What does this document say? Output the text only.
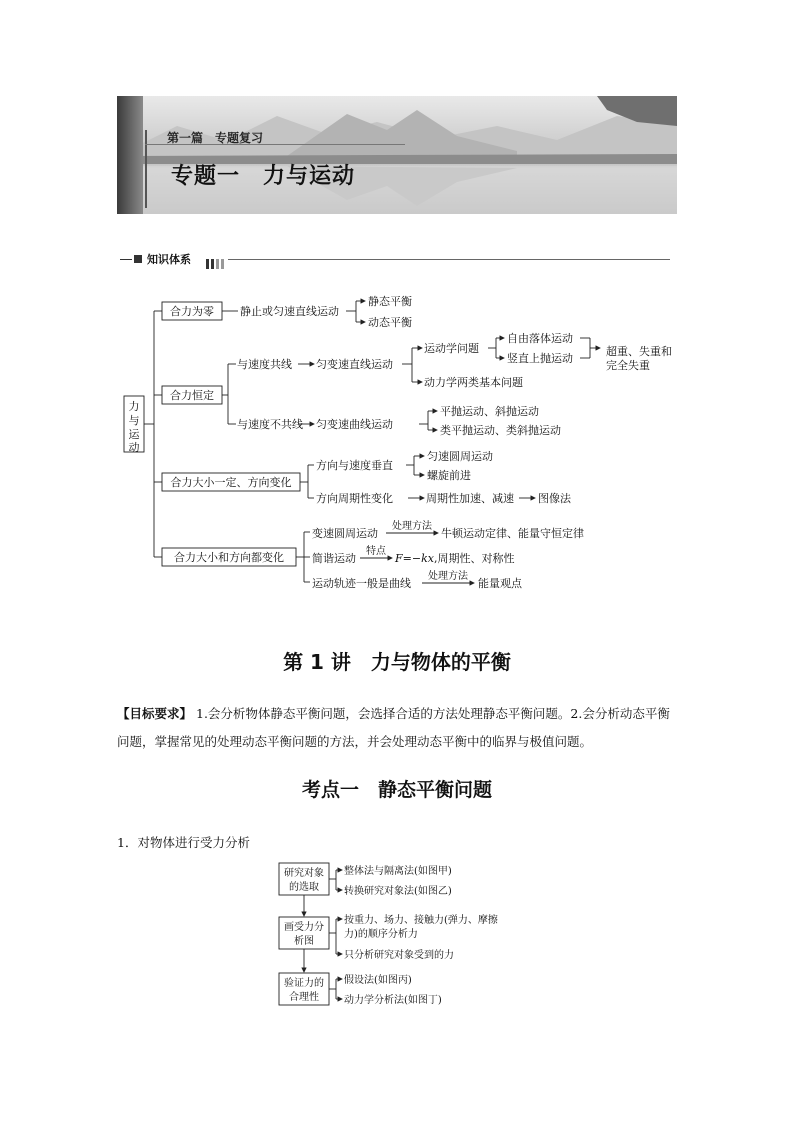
第一篇　专题复习
专题一　力与运动
知识体系
力
与
运
动
合力为零
合力恒定
合力大小一定、方向变化
合力大小和方向都变化
静止或匀速直线运动
静态平衡
动态平衡
与速度共线 匀变速直线运动
运动学问题
自由落体运动
竖直上抛运动
动力学两类基本问题
超重、失重和
完全失重
与速度不共线 匀变速曲线运动
平抛运动、斜抛运动
类平抛运动、类斜抛运动
方向与速度垂直
匀速圆周运动
螺旋前进
方向周期性变化	周期性加速、减速 图像法
变速圆周运动
处理方法
牛顿运动定律、能量守恒定律
简谐运动
特点
F=−kx,周期性、对称性
运动轨迹一般是曲线
处理方法
能量观点
第 1 讲　力与物体的平衡
【目标要求】 1.会分析物体静态平衡问题，会选择合适的方法处理静态平衡问题。2.会分析动态平衡问题，掌握常见的处理动态平衡问题的方法，并会处理动态平衡中的临界与极值问题。
考点一　静态平衡问题
1．对物体进行受力分析
研究对象
的选取
画受力分
析图
验证力的
合理性
整体法与隔离法(如图甲)
转换研究对象法(如图乙)
按重力、场力、接触力(弹力、摩擦
力)的顺序分析力
只分析研究对象受到的力
假设法(如图丙)
动力学分析法(如图丁)
